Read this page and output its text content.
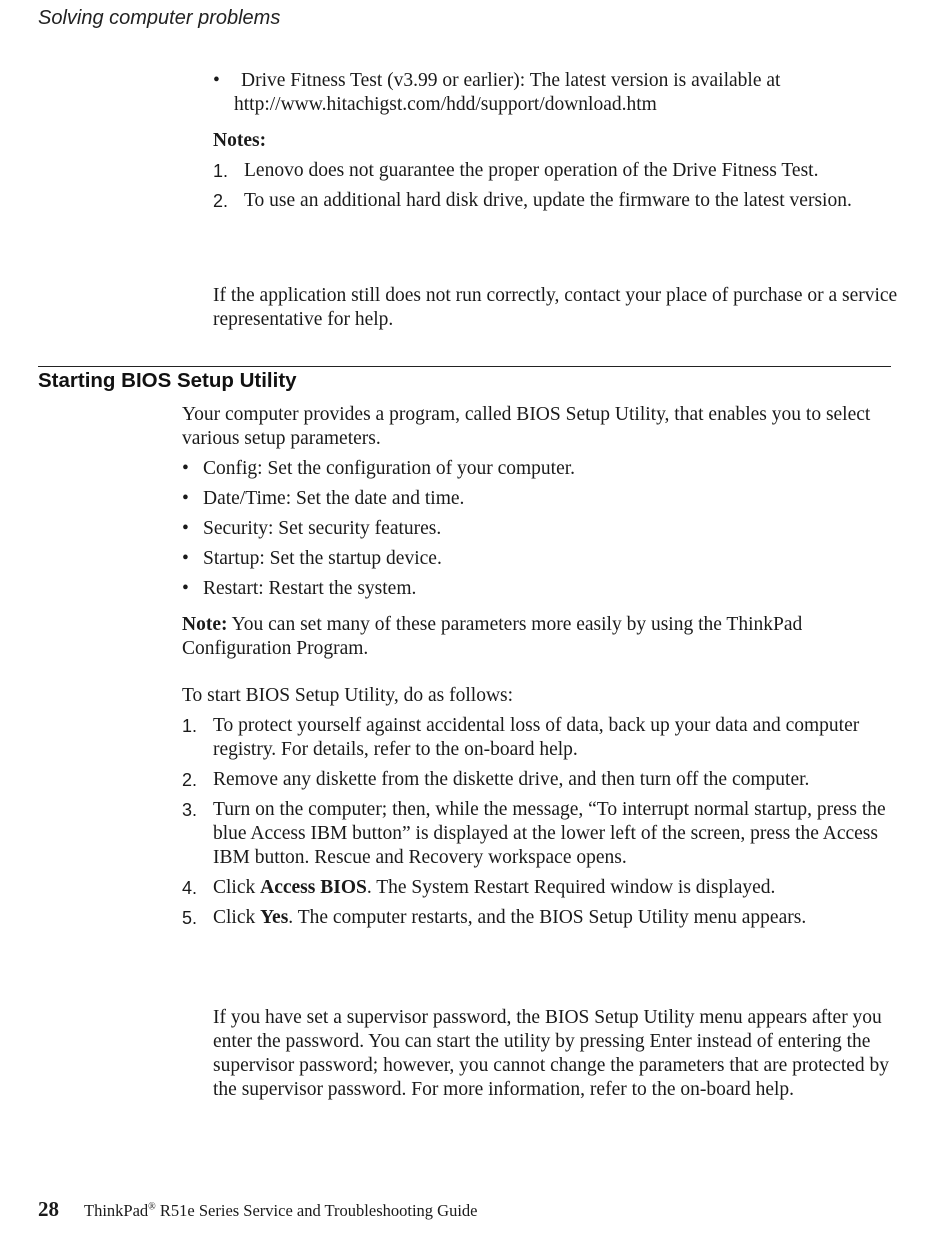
Solving computer problems
•	Drive Fitness Test (v3.99 or earlier): The latest version is available at
http://www.hitachigst.com/hdd/support/download.htm
Notes:
1. Lenovo does not guarantee the proper operation of the Drive Fitness Test.
2. To use an additional hard disk drive, update the firmware to the latest version.
If the application still does not run correctly, contact your place of purchase or a service representative for help.
Starting BIOS Setup Utility
Your computer provides a program, called BIOS Setup Utility, that enables you to select various setup parameters.
• Config: Set the configuration of your computer.
• Date/Time: Set the date and time.
• Security: Set security features.
• Startup: Set the startup device.
• Restart: Restart the system.
Note: You can set many of these parameters more easily by using the ThinkPad Configuration Program.
To start BIOS Setup Utility, do as follows:
1. To protect yourself against accidental loss of data, back up your data and computer registry. For details, refer to the on-board help.
2. Remove any diskette from the diskette drive, and then turn off the computer.
3. Turn on the computer; then, while the message, “To interrupt normal startup, press the blue Access IBM button” is displayed at the lower left of the screen, press the Access IBM button. Rescue and Recovery workspace opens.
4. Click Access BIOS. The System Restart Required window is displayed.
5. Click Yes. The computer restarts, and the BIOS Setup Utility menu appears.
If you have set a supervisor password, the BIOS Setup Utility menu appears after you enter the password. You can start the utility by pressing Enter instead of entering the supervisor password; however, you cannot change the parameters that are protected by the supervisor password. For more information, refer to the on-board help.
28	ThinkPad® R51e Series Service and Troubleshooting Guide
